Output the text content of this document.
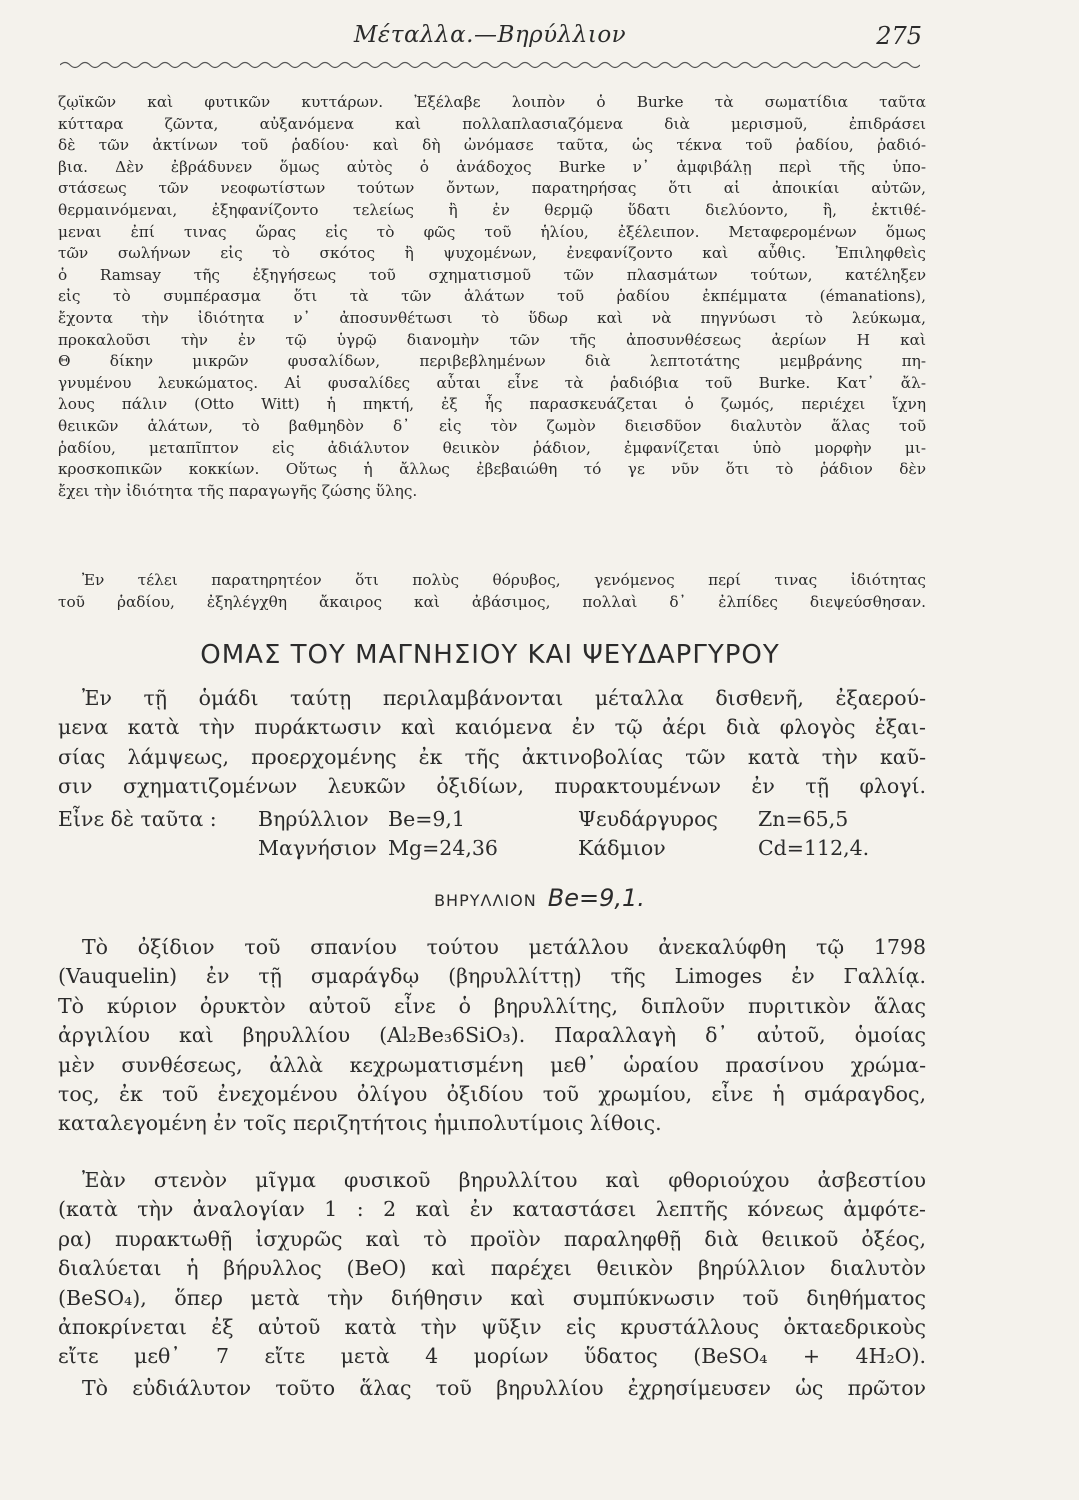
Μέταλλα.—Βηρύλλιον	275
ζῳϊκῶν καὶ φυτικῶν κυττάρων. Ἐξέλαβε λοιπὸν ὁ Burke τὰ σωματίδια ταῦτα
κύτταρα ζῶντα, αὐξανόμενα καὶ πολλαπλασιαζόμενα διὰ μερισμοῦ, ἐπιδράσει
δὲ τῶν ἀκτίνων τοῦ ῥαδίου· καὶ δὴ ὠνόμασε ταῦτα, ὡς τέκνα τοῦ ῥαδίου, ῥαδιό-
βια. Δὲν ἐβράδυνεν ὅμως αὐτὸς ὁ ἀνάδοχος Burke ν᾿ ἀμφιβάλῃ περὶ τῆς ὑπο-
στάσεως τῶν νεοφωτίστων τούτων ὄντων, παρατηρήσας ὅτι αἱ ἀποικίαι αὐτῶν,
θερμαινόμεναι, ἐξηφανίζοντο τελείως ἢ ἐν θερμῷ ὕδατι διελύοντο, ἢ, ἐκτιθέ-
μεναι ἐπί τινας ὥρας εἰς τὸ φῶς τοῦ ἡλίου, ἐξέλειπον. Μεταφερομένων ὅμως
τῶν σωλήνων εἰς τὸ σκότος ἢ ψυχομένων, ἐνεφανίζοντο καὶ αὖθις. Ἐπιληφθεὶς
ὁ Ramsay τῆς ἐξηγήσεως τοῦ σχηματισμοῦ τῶν πλασμάτων τούτων, κατέληξεν
εἰς τὸ συμπέρασμα ὅτι τὰ τῶν ἁλάτων τοῦ ῥαδίου ἐκπέμματα (émanations),
ἔχοντα τὴν ἰδιότητα ν᾿ ἀποσυνθέτωσι τὸ ὕδωρ καὶ νὰ πηγνύωσι τὸ λεύκωμα,
προκαλοῦσι τὴν ἐν τῷ ὑγρῷ διανομὴν τῶν τῆς ἀποσυνθέσεως ἀερίων Η καὶ
Θ δίκην μικρῶν φυσαλίδων, περιβεβλημένων διὰ λεπτοτάτης μεμβράνης πη-
γνυμένου λευκώματος. Αἱ φυσαλίδες αὗται εἶνε τὰ ῥαδιόβια τοῦ Burke. Κατ᾿ ἄλ-
λους πάλιν (Otto Witt) ἡ πηκτή, ἐξ ἧς παρασκευάζεται ὁ ζωμός, περιέχει ἴχνη
θειικῶν ἁλάτων, τὸ βαθμηδὸν δ᾿ εἰς τὸν ζωμὸν διεισδῦον διαλυτὸν ἅλας τοῦ
ῥαδίου, μεταπῖπτον εἰς ἀδιάλυτον θειικὸν ῥάδιον, ἐμφανίζεται ὑπὸ μορφὴν μι-
κροσκοπικῶν κοκκίων. Οὕτως ἡ ἄλλως ἐβεβαιώθη τό γε νῦν ὅτι τὸ ῥάδιον δὲν
ἔχει τὴν ἰδιότητα τῆς παραγωγῆς ζώσης ὕλης.
Ἐν τέλει παρατηρητέον ὅτι πολὺς θόρυβος, γενόμενος περί τινας ἰδιότητας
τοῦ ῥαδίου, ἐξηλέγχθη ἄκαιρος καὶ ἀβάσιμος, πολλαὶ δ᾿ ἐλπίδες διεψεύσθησαν.
ΟΜΑΣ ΤΟΥ ΜΑΓΝΗΣΙΟΥ ΚΑΙ ΨΕΥΔΑΡΓΥΡΟΥ
Ἐν τῇ ὁμάδι ταύτῃ περιλαμβάνονται μέταλλα δισθενῆ, ἐξαερού-
μενα κατὰ τὴν πυράκτωσιν καὶ καιόμενα ἐν τῷ ἀέρι διὰ φλογὸς ἐξαι-
σίας λάμψεως, προερχομένης ἐκ τῆς ἀκτινοβολίας τῶν κατὰ τὴν καῦ-
σιν σχηματιζομένων λευκῶν ὀξιδίων, πυρακτουμένων ἐν τῇ φλογί.
Εἶνε δὲ ταῦτα : Βηρύλλιον Be=9,1	Ψευδάργυρος Zn=65,5
Μαγνήσιον Mg=24,36	Κάδμιον	Cd=112,4.
ΒΗΡΥΛΛΙΟΝ Be=9,1.
Τὸ ὀξίδιον τοῦ σπανίου τούτου μετάλλου ἀνεκαλύφθη τῷ 1798
(Vauquelin) ἐν τῇ σμαράγδῳ (βηρυλλίττῃ) τῆς Limoges ἐν Γαλλίᾳ.
Τὸ κύριον ὀρυκτὸν αὐτοῦ εἶνε ὁ βηρυλλίτης, διπλοῦν πυριτικὸν ἅλας
ἀργιλίου καὶ βηρυλλίου (Al₂Be₃6SiO₃). Παραλλαγὴ δ᾿ αὐτοῦ, ὁμοίας
μὲν συνθέσεως, ἀλλὰ κεχρωματισμένη μεθ᾿ ὡραίου πρασίνου χρώμα-
τος, ἐκ τοῦ ἐνεχομένου ὀλίγου ὀξιδίου τοῦ χρωμίου, εἶνε ἡ σμάραγδος,
καταλεγομένη ἐν τοῖς περιζητήτοις ἡμιπολυτίμοις λίθοις.
Ἐὰν στενὸν μῖγμα φυσικοῦ βηρυλλίτου καὶ φθοριούχου ἀσβεστίου
(κατὰ τὴν ἀναλογίαν 1 : 2 καὶ ἐν καταστάσει λεπτῆς κόνεως ἀμφότε-
ρα) πυρακτωθῇ ἰσχυρῶς καὶ τὸ προϊὸν παραληφθῇ διὰ θειικοῦ ὀξέος,
διαλύεται ἡ βήρυλλος (BeO) καὶ παρέχει θειικὸν βηρύλλιον διαλυτὸν
(BeSO₄), ὅπερ μετὰ τὴν διήθησιν καὶ συμπύκνωσιν τοῦ διηθήματος
ἀποκρίνεται ἐξ αὐτοῦ κατὰ τὴν ψῦξιν εἰς κρυστάλλους ὀκταεδρικοὺς
εἴτε μεθ᾿ 7 εἴτε μετὰ 4 μορίων ὕδατος (BeSO₄ + 4H₂O).
Τὸ εὐδιάλυτον τοῦτο ἅλας τοῦ βηρυλλίου ἐχρησίμευσεν ὡς πρῶτον
